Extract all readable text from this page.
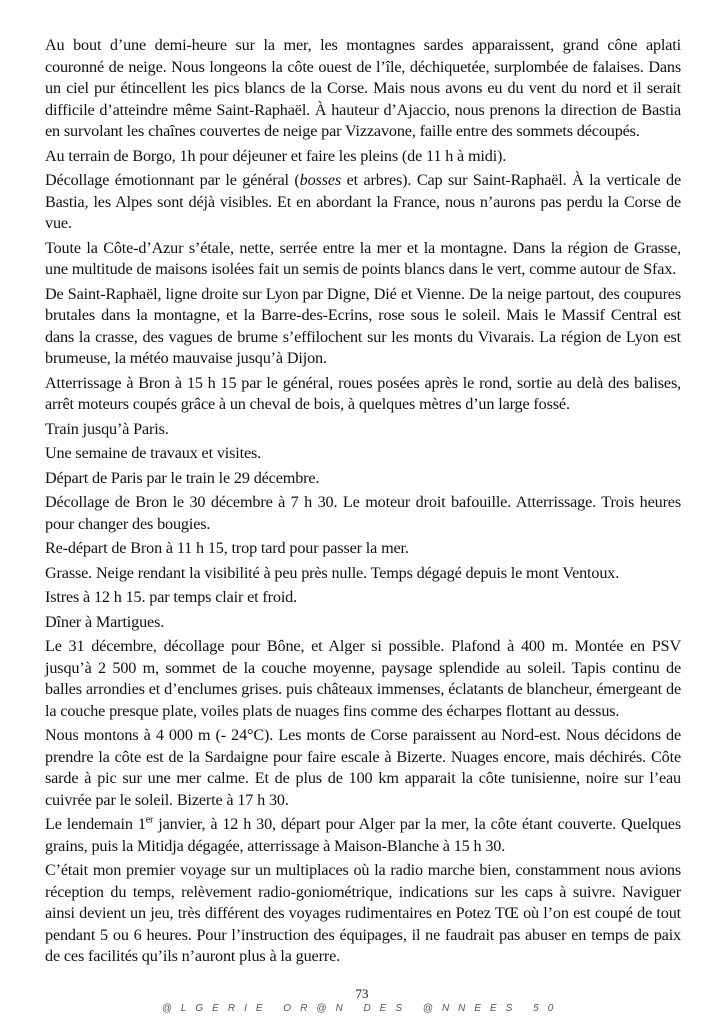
Au bout d’une demi-heure sur la mer, les montagnes sardes apparaissent, grand cône aplati couronné de neige. Nous longeons la côte ouest de l’île, déchiquetée, surplombée de falaises. Dans un ciel pur étincellent les pics blancs de la Corse. Mais nous avons eu du vent du nord et il serait difficile d’atteindre même Saint-Raphaël. À hauteur d’Ajaccio, nous prenons la direction de Bastia en survolant les chaînes couvertes de neige par Vizzavone, faille entre des sommets découpés.

Au terrain de Borgo, 1h pour déjeuner et faire les pleins (de 11 h à midi).

Décollage émotionnant par le général (bosses et arbres). Cap sur Saint-Raphaël. À la verticale de Bastia, les Alpes sont déjà visibles. Et en abordant la France, nous n’aurons pas perdu la Corse de vue.

Toute la Côte-d’Azur s’étale, nette, serrée entre la mer et la montagne. Dans la région de Grasse, une multitude de maisons isolées fait un semis de points blancs dans le vert, comme autour de Sfax.

De Saint-Raphaël, ligne droite sur Lyon par Digne, Dié et Vienne. De la neige partout, des coupures brutales dans la montagne, et la Barre-des-Ecrins, rose sous le soleil. Mais le Massif Central est dans la crasse, des vagues de brume s’effilochent sur les monts du Vivarais. La région de Lyon est brumeuse, la météo mauvaise jusqu’à Dijon.

Atterrissage à Bron à 15 h 15 par le général, roues posées après le rond, sortie au delà des balises, arrêt moteurs coupés grâce à un cheval de bois, à quelques mètres d’un large fossé.

Train jusqu’à Paris.

Une semaine de travaux et visites.

Départ de Paris par le train le 29 décembre.

Décollage de Bron le 30 décembre à 7 h 30. Le moteur droit bafouille. Atterrissage. Trois heures pour changer des bougies.

Re-départ de Bron à 11 h 15, trop tard pour passer la mer.

Grasse. Neige rendant la visibilité à peu près nulle. Temps dégagé depuis le mont Ventoux.

Istres à 12 h 15. par temps clair et froid.

Dîner à Martigues.

Le 31 décembre, décollage pour Bône, et Alger si possible. Plafond à 400 m. Montée en PSV jusqu’à 2 500 m, sommet de la couche moyenne, paysage splendide au soleil. Tapis continu de balles arrondies et d’enclumes grises. puis châteaux immenses, éclatants de blancheur, émergeant de la couche presque plate, voiles plats de nuages fins comme des écharpes flottant au dessus.

Nous montons à 4 000 m (- 24°C). Les monts de Corse paraissent au Nord-est. Nous décidons de prendre la côte est de la Sardaigne pour faire escale à Bizerte. Nuages encore, mais déchirés. Côte sarde à pic sur une mer calme. Et de plus de 100 km apparait la côte tunisienne, noire sur l’eau cuivrée par le soleil. Bizerte à 17 h 30.

Le lendemain 1er janvier, à 12 h 30, départ pour Alger par la mer, la côte étant couverte. Quelques grains, puis la Mitidja dégagée, atterrissage à Maison-Blanche à 15 h 30.

C’était mon premier voyage sur un multiplaces où la radio marche bien, constamment nous avions réception du temps, relèvement radio-goniométrique, indications sur les caps à suivre. Naviguer ainsi devient un jeu, très différent des voyages rudimentaires en Potez TŒ où l’on est coupé de tout pendant 5 ou 6 heures. Pour l’instruction des équipages, il ne faudrait pas abuser en temps de paix de ces facilités qu’ils n’auront plus à la guerre.

73
@LGERIE OR@N DES @NNEES 50
